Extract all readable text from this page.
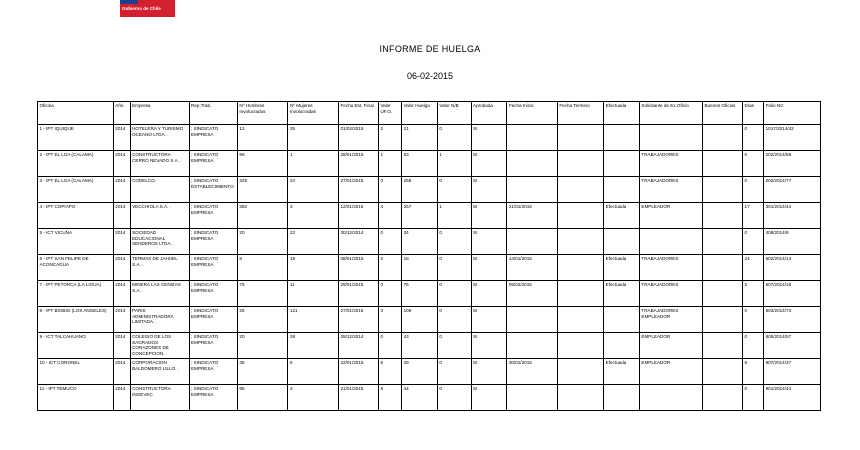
Gobierno de Chile
INFORME DE HUELGA
06-02-2015
Oficina	Año	Empresa	Rep.Trab.	Nº Hombres Involucrados	Nº Mujeres Involucradas	Fecha Est. Final	Valor UF.O.	Valor Huelga	Valor N/B	Aprobada	Fecha Inicio	Fecha Termino	Efectuada	Solicitante de Ex.Oficio	Buenos Oficios	Días	Folio NC
1 - IPT IQUIQUE	2014	HOTELERA Y TURISMO OCEANO LTDA. .	; SINDICATO EMPRESA	12	25	01/02/2015	2	21	0	SI						0	1017/2014/42
2 - IPT EL LOA (CALAMA)	2014	CONSTRUCTORA CERRO NEVADO S.A. .	; SINDICATO EMPRESA	99	1	28/01/2015	1	53	1	SI				TRABAJADORES		0	202/2014/68
3 - IPT EL LOA (CALAMA)	2014	CODELCO.	; SINDICATO ESTABLECIMIENTO	325	24	27/01/2015	0	258	0	SI				TRABAJADORES		0	202/2014/77
4 - IPT COPIAPO	2014	VECCHIOLA S.A. .	; SINDICATO EMPRESA	382	3	12/01/2015	4	257	1	SI	21/01/2015		Efectuada	EMPLEADOR		17	301/2014/44
5 - ICT VICUÑA	2014	SOCIEDAD EDUCACIONAL SENDEROS LTDA. .	; SINDICATO EMPRESA	20	22	30/12/2014	0	34	0	SI						0	408/2014/8
6 - IPT SAN FELIPE DE ACONCAGUA	2014	TERMAS DE JAHUEL S.A. .	; SINDICATO EMPRESA	8	19	08/01/2015	2	18	0	SI	14/01/2015		Efectuada	TRABAJADORES		24	502/2014/13
7 - IPT PETORCA (LA LIGUA)	2014	MINERA LAS CENIZAS S.A. .	; SINDICATO EMPRESA	75	11	29/01/2015	0	75	0	SI	05/02/2015		Efectuada	TRABAJADORES		2	507/2014/18
8 - IPT BIOBIO (LOS ANGELES)	2014	PARIS ADMINISTRADORA LIMITADA. .	; SINDICATO EMPRESA	28	121	27/01/2015	3	108	0	SI				TRABAJADORES EMPLEADOR		0	803/2014/73
9 - ICT TALCAHUANO	2014	COLEGIO DE LOS SAGRADOS CORAZONES DE CONCEPCION. .	; SINDICATO EMPRESA	20	28	29/12/2014	0	43	0	SI				EMPLEADOR		0	805/2014/57
10 - ICT CORONEL	2014	CORPORACION BALDOMERO LILLO. .	; SINDICATO EMPRESA	38	5	22/01/2015	5	29	0	SI	30/01/2015		Efectuada	EMPLEADOR		8	807/2014/37
11 - IPT TEMUCO	2014	CONSTRUCTORA INGEVEC	; SINDICATO EMPRESA	85	3	21/01/2015	8	44	0	SI						0	901/2014/43
